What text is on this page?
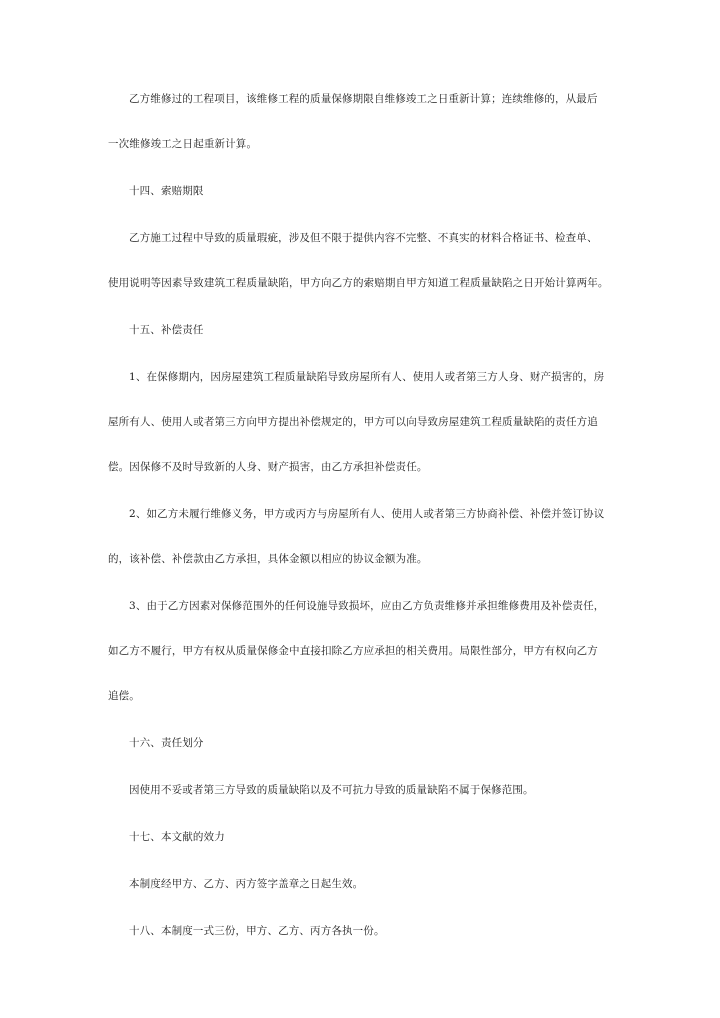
乙方维修过的工程项目，该维修工程的质量保修期限自维修竣工之日重新计算；连续维修的，从最后
一次维修竣工之日起重新计算。
十四、索赔期限
乙方施工过程中导致的质量瑕疵，涉及但不限于提供内容不完整、不真实的材料合格证书、检查单、
使用说明等因素导致建筑工程质量缺陷，甲方向乙方的索赔期自甲方知道工程质量缺陷之日开始计算两年。
十五、补偿责任
1、在保修期内，因房屋建筑工程质量缺陷导致房屋所有人、使用人或者第三方人身、财产损害的，房
屋所有人、使用人或者第三方向甲方提出补偿规定的，甲方可以向导致房屋建筑工程质量缺陷的责任方追
偿。因保修不及时导致新的人身、财产损害，由乙方承担补偿责任。
2、如乙方未履行维修义务，甲方或丙方与房屋所有人、使用人或者第三方协商补偿、补偿并签订协议
的，该补偿、补偿款由乙方承担，具体金额以相应的协议金额为准。
3、由于乙方因素对保修范围外的任何设施导致损坏，应由乙方负责维修并承担维修费用及补偿责任，
如乙方不履行，甲方有权从质量保修金中直接扣除乙方应承担的相关费用。局限性部分，甲方有权向乙方
追偿。
十六、责任划分
因使用不妥或者第三方导致的质量缺陷以及不可抗力导致的质量缺陷不属于保修范围。
十七、本文献的效力
本制度经甲方、乙方、丙方签字盖章之日起生效。
十八、本制度一式三份，甲方、乙方、丙方各执一份。
